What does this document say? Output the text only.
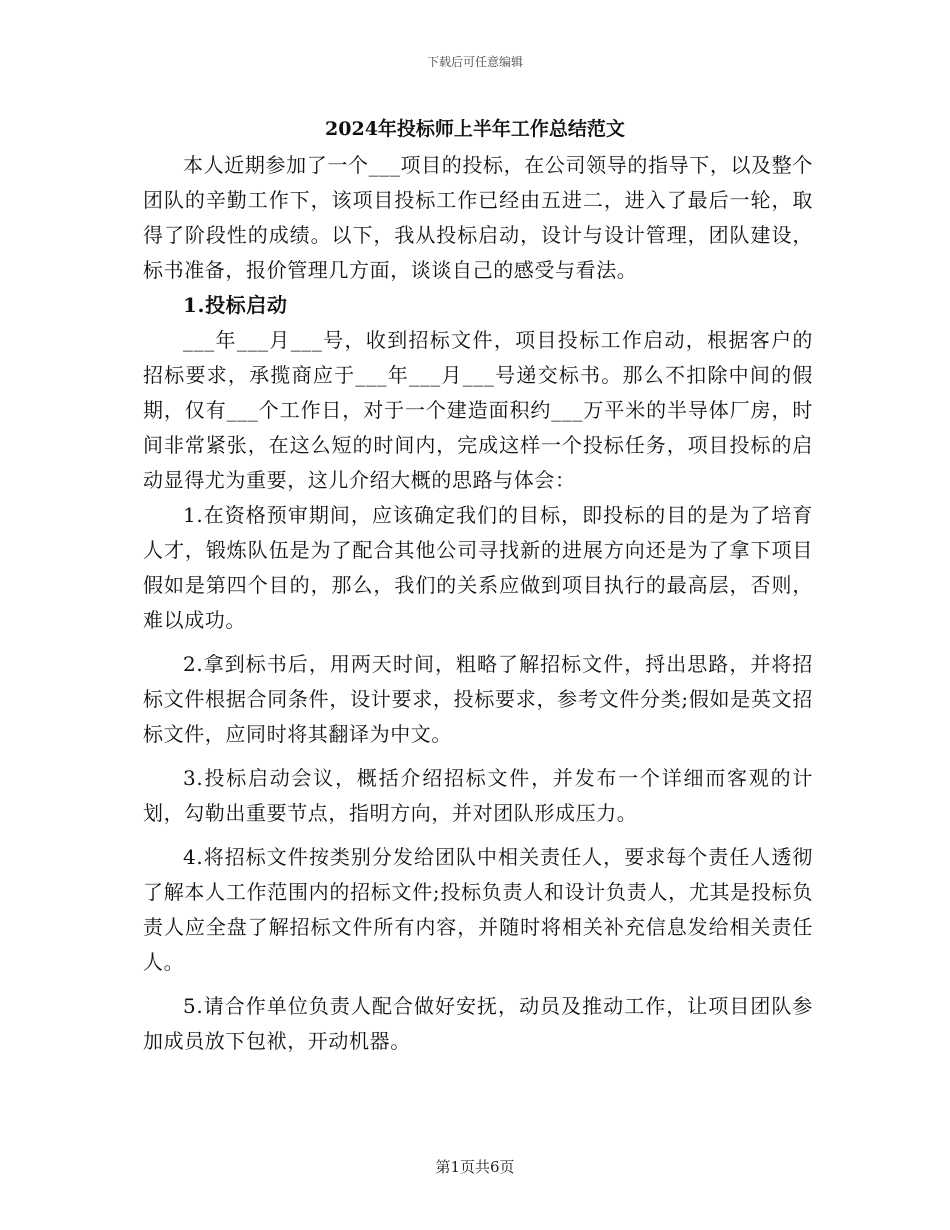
下载后可任意编辑
2024年投标师上半年工作总结范文

本人近期参加了一个___项目的投标，在公司领导的指导下，以及整个团队的辛勤工作下，该项目投标工作已经由五进二，进入了最后一轮，取得了阶段性的成绩。以下，我从投标启动，设计与设计管理，团队建设，标书准备，报价管理几方面，谈谈自己的感受与看法。

1.投标启动

___年___月___号，收到招标文件，项目投标工作启动，根据客户的招标要求，承揽商应于___年___月___号递交标书。那么不扣除中间的假期，仅有___个工作日，对于一个建造面积约___万平米的半导体厂房，时间非常紧张，在这么短的时间内，完成这样一个投标任务，项目投标的启动显得尤为重要，这儿介绍大概的思路与体会：

1.在资格预审期间，应该确定我们的目标，即投标的目的是为了培育人才，锻炼队伍是为了配合其他公司寻找新的进展方向还是为了拿下项目假如是第四个目的，那么，我们的关系应做到项目执行的最高层，否则，难以成功。

2.拿到标书后，用两天时间，粗略了解招标文件，捋出思路，并将招标文件根据合同条件，设计要求，投标要求，参考文件分类;假如是英文招标文件，应同时将其翻译为中文。

3.投标启动会议，概括介绍招标文件，并发布一个详细而客观的计划，勾勒出重要节点，指明方向，并对团队形成压力。

4.将招标文件按类别分发给团队中相关责任人，要求每个责任人透彻了解本人工作范围内的招标文件;投标负责人和设计负责人，尤其是投标负责人应全盘了解招标文件所有内容，并随时将相关补充信息发给相关责任人。

5.请合作单位负责人配合做好安抚，动员及推动工作，让项目团队参加成员放下包袱，开动机器。

第1页共6页
